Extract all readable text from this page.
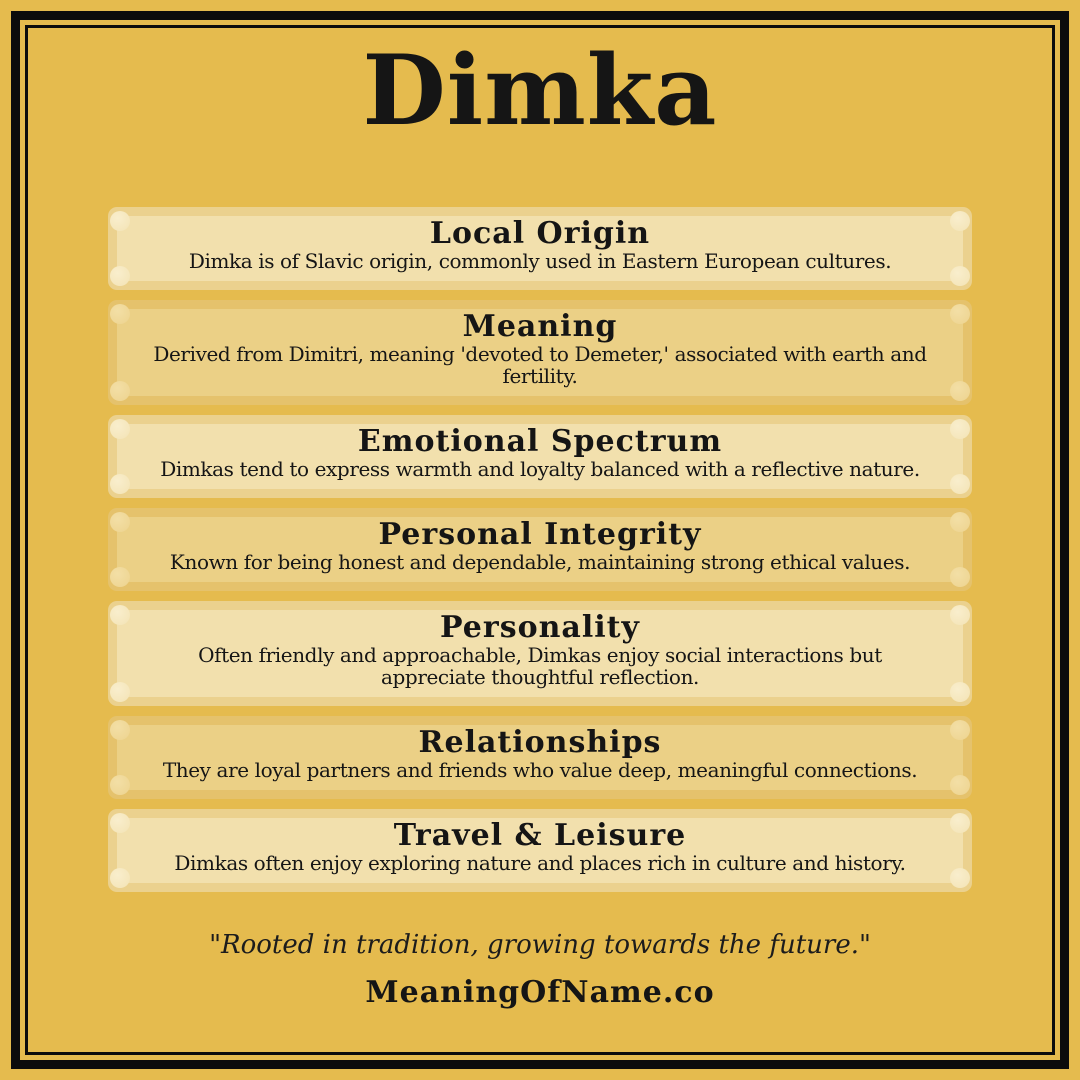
Dimka
Local Origin

Dimka is of Slavic origin, commonly used in Eastern European cultures.

Meaning

Derived from Dimitri, meaning 'devoted to Demeter,' associated with earth and fertility.

Emotional Spectrum

Dimkas tend to express warmth and loyalty balanced with a reflective nature.

Personal Integrity

Known for being honest and dependable, maintaining strong ethical values.

Personality

Often friendly and approachable, Dimkas enjoy social interactions but appreciate thoughtful reflection.

Relationships

They are loyal partners and friends who value deep, meaningful connections.

Travel & Leisure

Dimkas often enjoy exploring nature and places rich in culture and history.

"Rooted in tradition, growing towards the future."
MeaningOfName.co
